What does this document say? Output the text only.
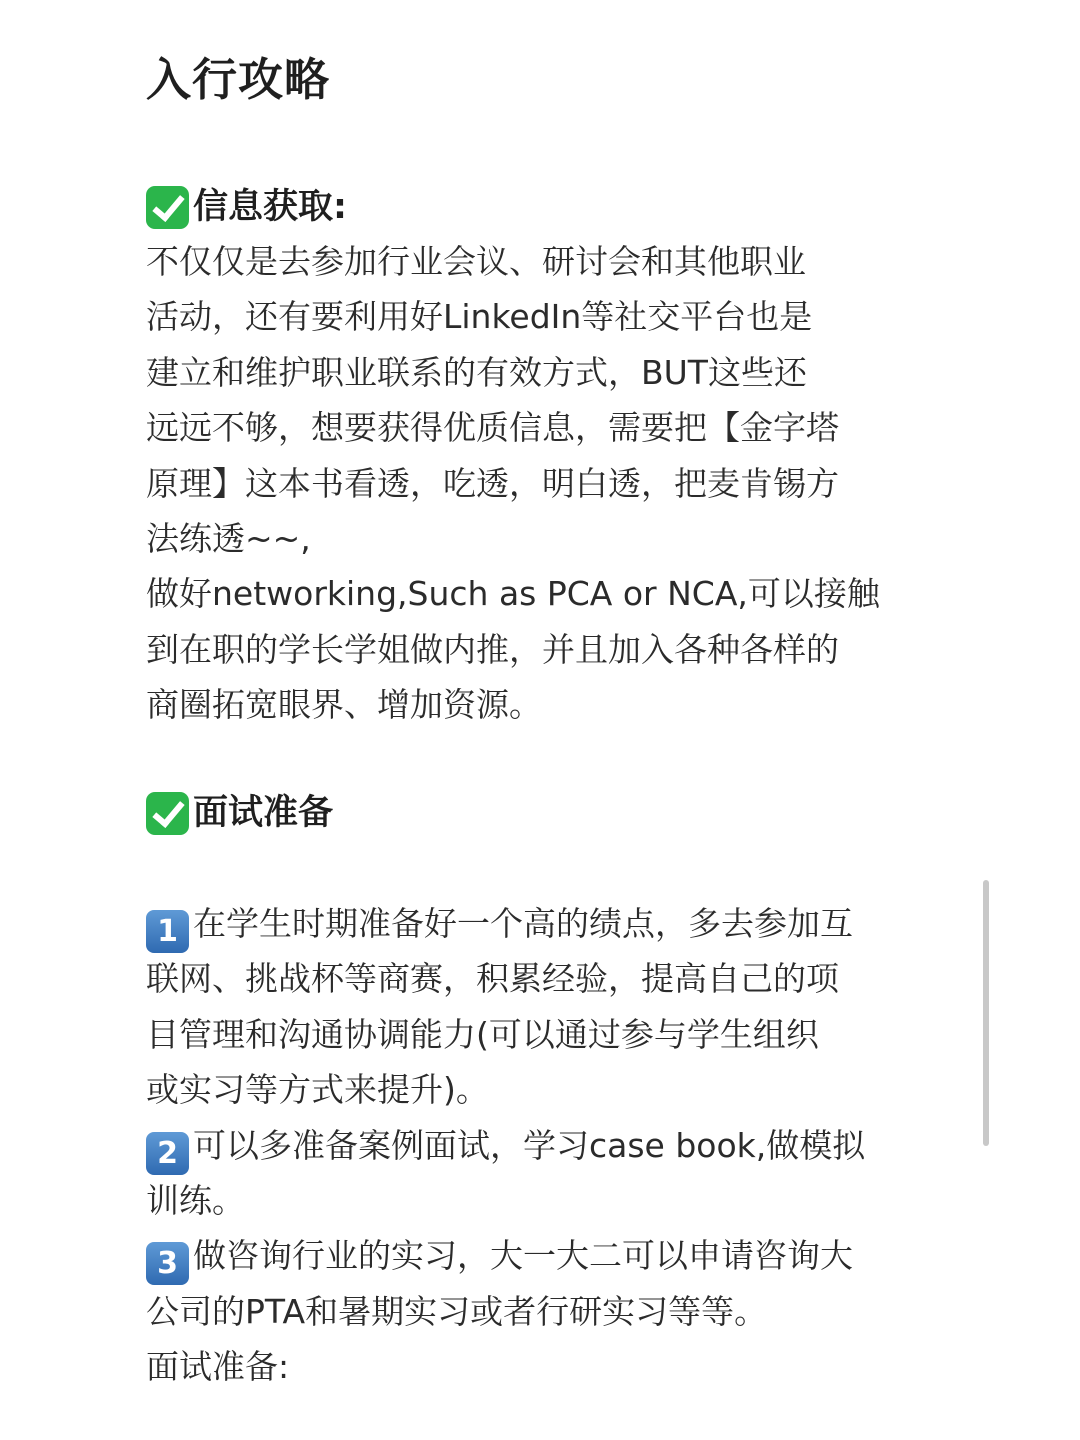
入行攻略
信息获取:
不仅仅是去参加行业会议、研讨会和其他职业
活动，还有要利用好LinkedIn等社交平台也是
建立和维护职业联系的有效方式，BUT这些还
远远不够，想要获得优质信息，需要把【金字塔
原理】这本书看透，吃透，明白透，把麦肯锡方
法练透~~,
做好networking,Such as PCA or NCA,可以接触
到在职的学长学姐做内推，并且加入各种各样的
商圈拓宽眼界、增加资源。
面试准备
1 在学生时期准备好一个高的绩点，多去参加互
联网、挑战杯等商赛，积累经验，提高自己的项
目管理和沟通协调能力(可以通过参与学生组织
或实习等方式来提升)。
2 可以多准备案例面试，学习case book,做模拟
训练。
3 做咨询行业的实习，大一大二可以申请咨询大
公司的PTA和暑期实习或者行研实习等等。
面试准备:
